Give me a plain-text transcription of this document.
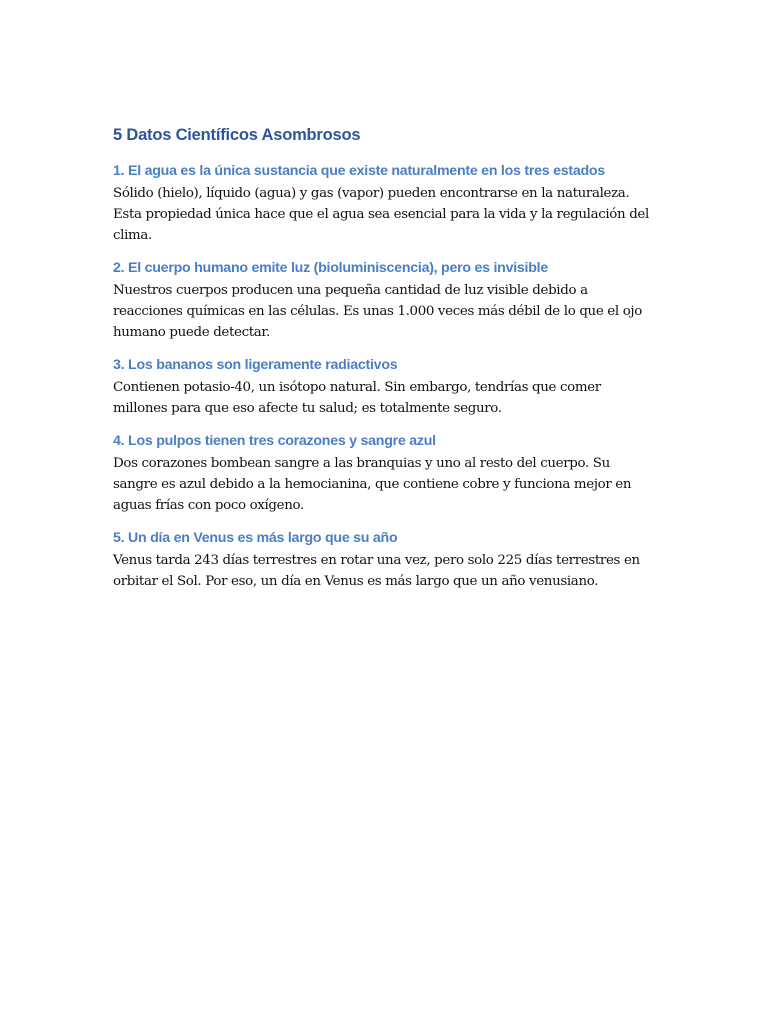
5 Datos Científicos Asombrosos
1. El agua es la única sustancia que existe naturalmente en los tres estados

Sólido (hielo), líquido (agua) y gas (vapor) pueden encontrarse en la naturaleza. Esta propiedad única hace que el agua sea esencial para la vida y la regulación del clima.

2. El cuerpo humano emite luz (bioluminiscencia), pero es invisible

Nuestros cuerpos producen una pequeña cantidad de luz visible debido a reacciones químicas en las células. Es unas 1.000 veces más débil de lo que el ojo humano puede detectar.

3. Los bananos son ligeramente radiactivos

Contienen potasio-40, un isótopo natural. Sin embargo, tendrías que comer millones para que eso afecte tu salud; es totalmente seguro.

4. Los pulpos tienen tres corazones y sangre azul

Dos corazones bombean sangre a las branquias y uno al resto del cuerpo. Su sangre es azul debido a la hemocianina, que contiene cobre y funciona mejor en aguas frías con poco oxígeno.

5. Un día en Venus es más largo que su año

Venus tarda 243 días terrestres en rotar una vez, pero solo 225 días terrestres en orbitar el Sol. Por eso, un día en Venus es más largo que un año venusiano.
